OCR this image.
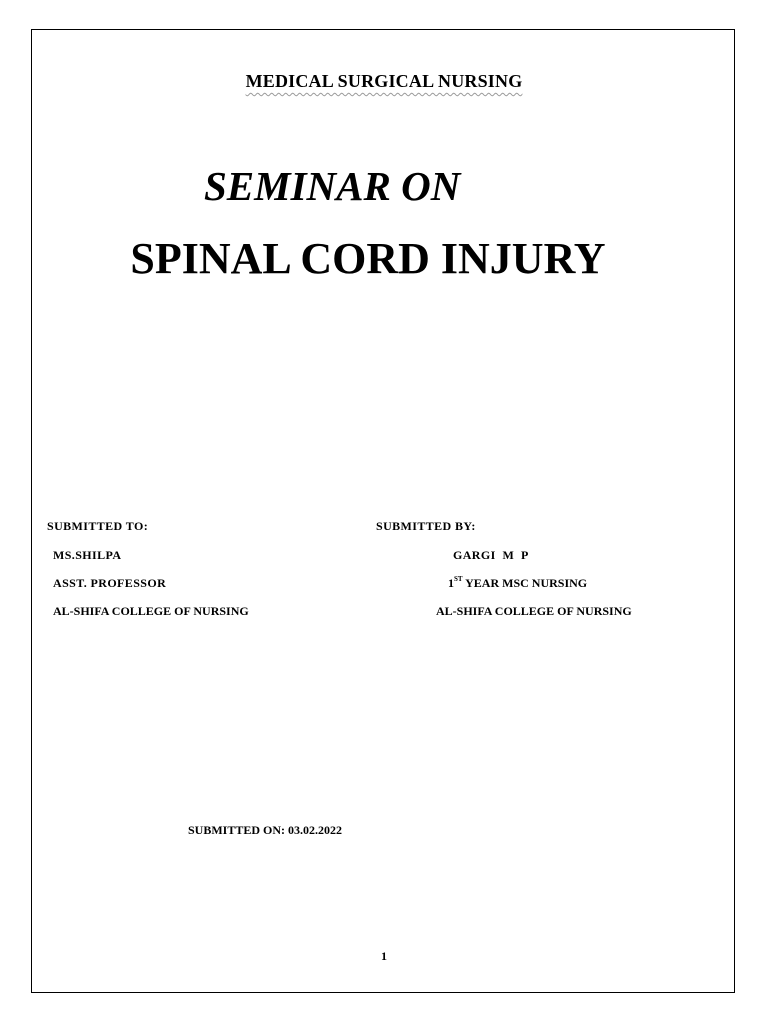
MEDICAL SURGICAL NURSING
SEMINAR ON
SPINAL CORD INJURY
SUBMITTED TO:
MS.SHILPA
ASST. PROFESSOR
AL-SHIFA COLLEGE OF NURSING
SUBMITTED BY:
GARGI  M  P
1ST YEAR MSC NURSING
AL-SHIFA COLLEGE OF NURSING
SUBMITTED ON: 03.02.2022
1
